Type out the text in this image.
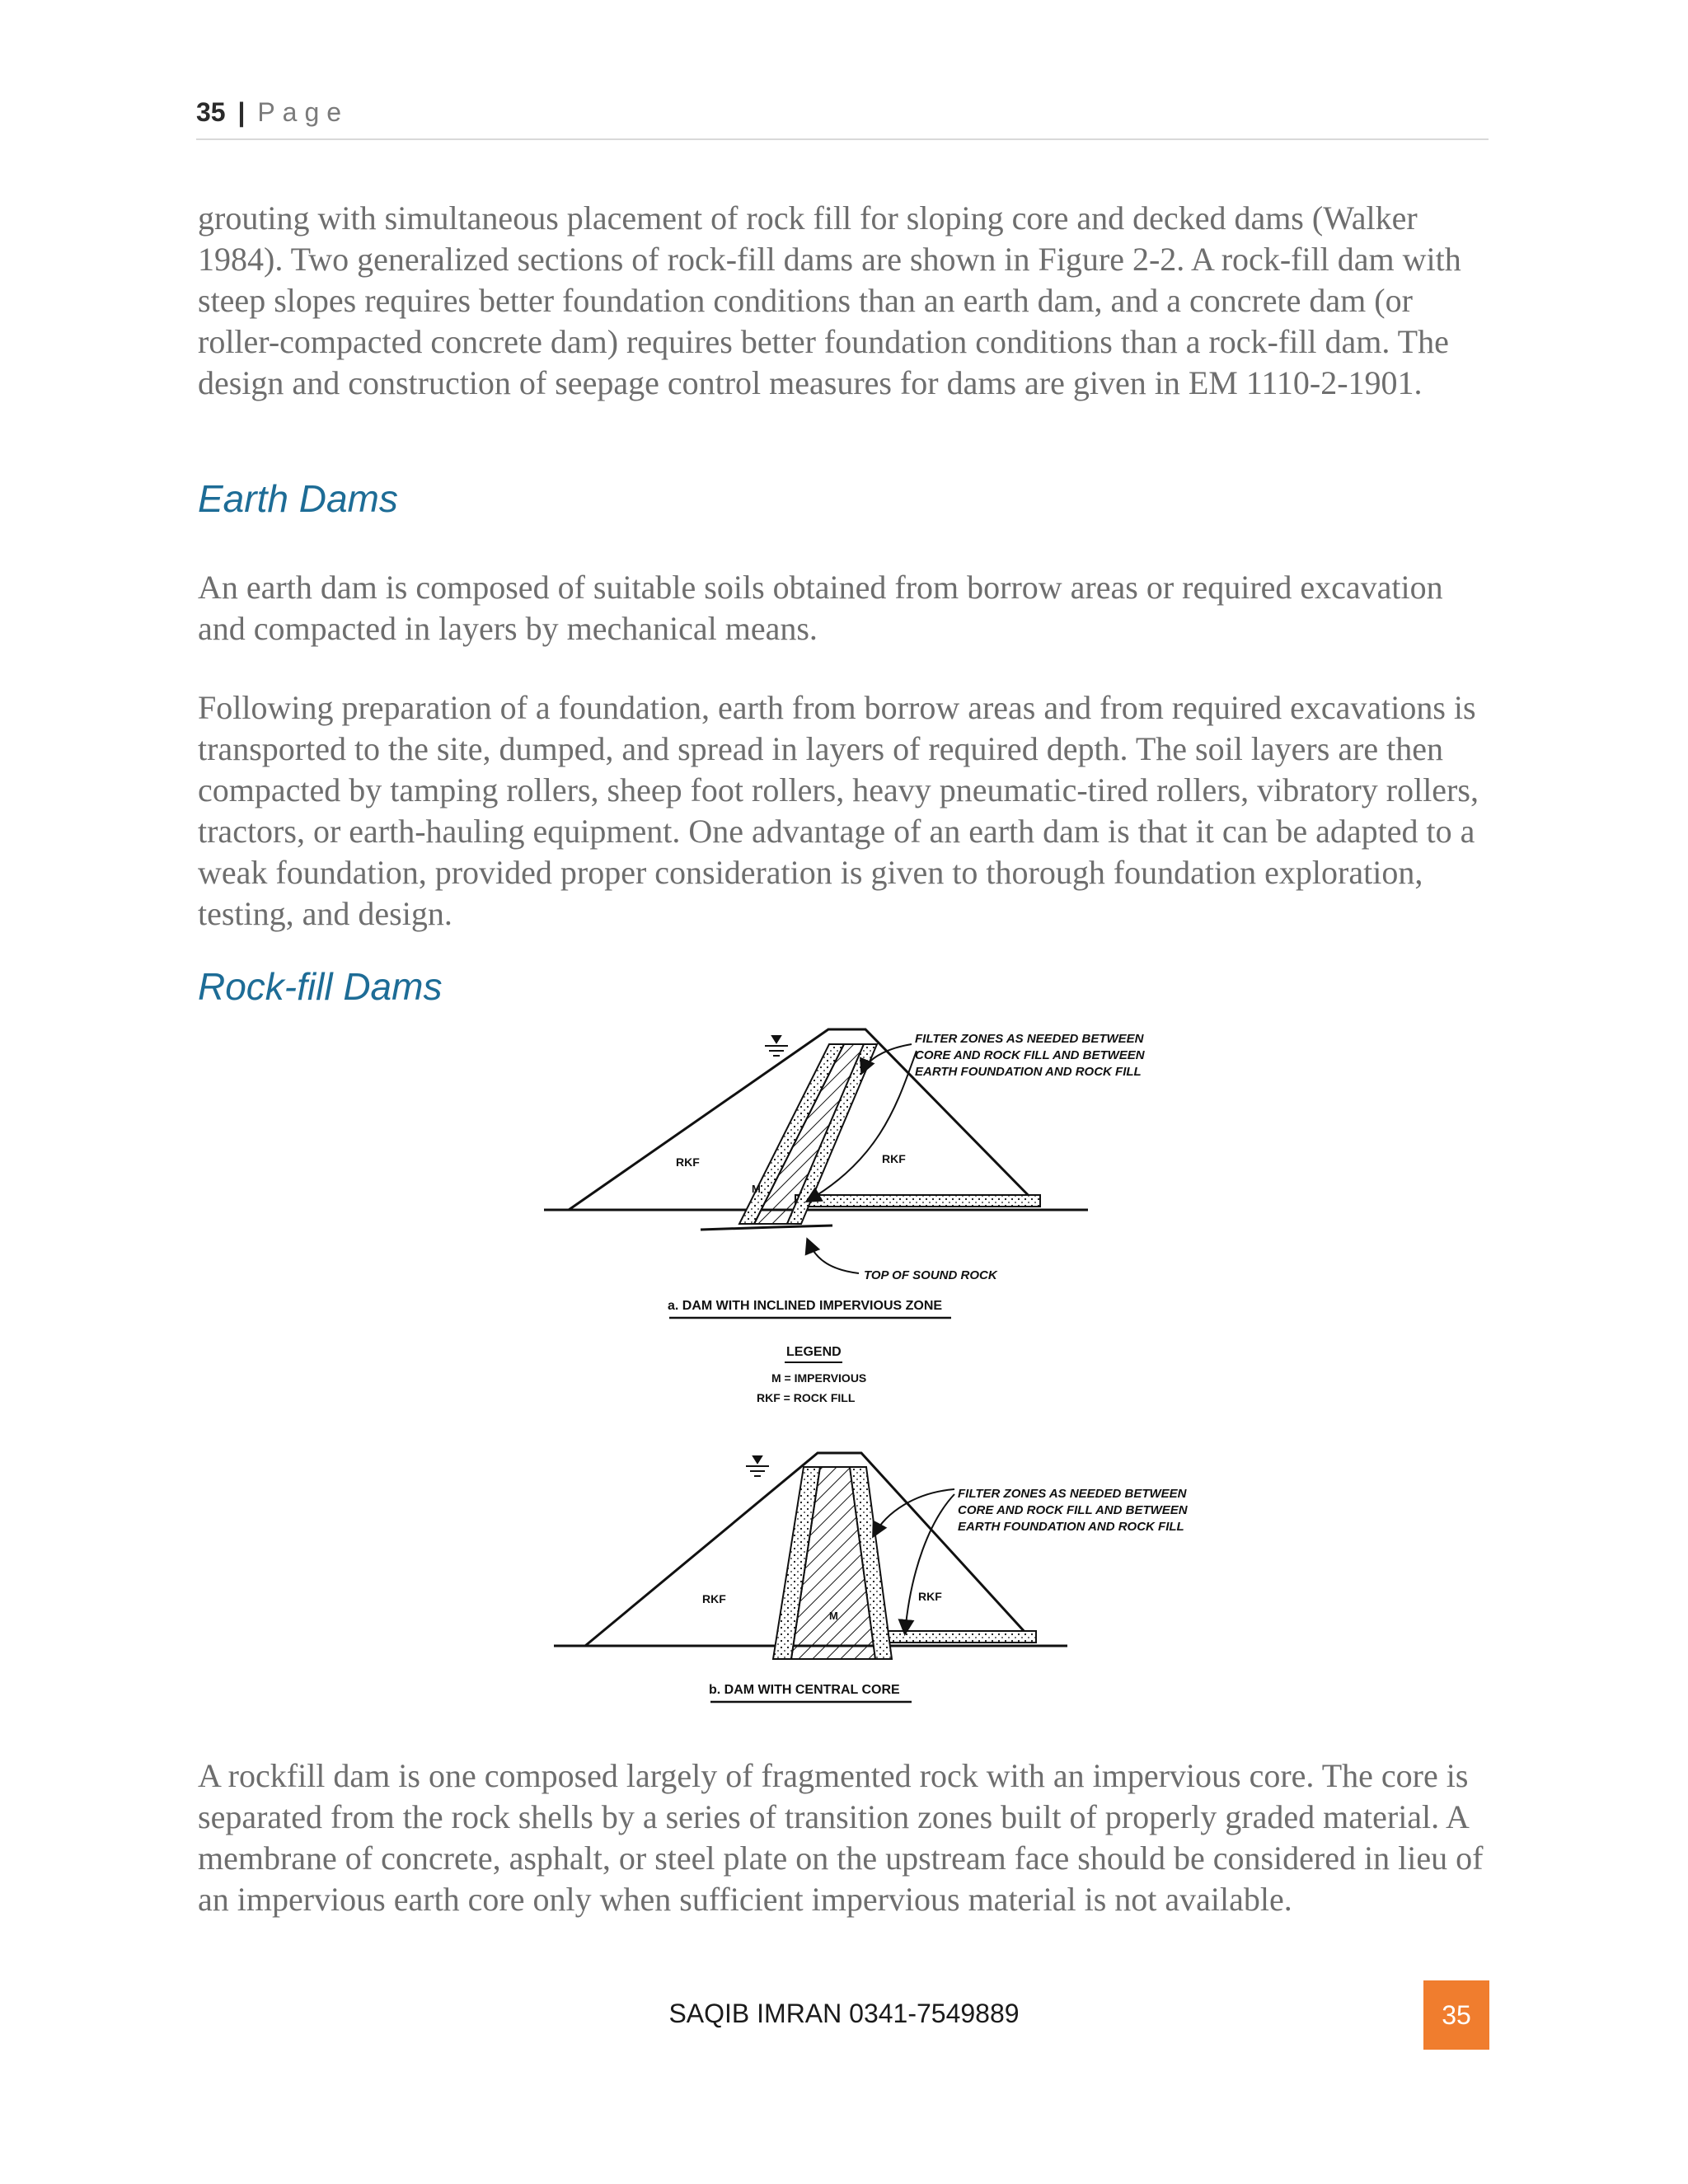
35 | Page

grouting with simultaneous placement of rock fill for sloping core and decked dams (Walker 1984). Two generalized sections of rock-fill dams are shown in Figure 2-2. A rock-fill dam with steep slopes requires better foundation conditions than an earth dam, and a concrete dam (or roller-compacted concrete dam) requires better foundation conditions than a rock-fill dam. The design and construction of seepage control measures for dams are given in EM 1110-2-1901.

Earth Dams

An earth dam is composed of suitable soils obtained from borrow areas or required excavation and compacted in layers by mechanical means.

Following preparation of a foundation, earth from borrow areas and from required excavations is transported to the site, dumped, and spread in layers of required depth. The soil layers are then compacted by tamping rollers, sheep foot rollers, heavy pneumatic-tired rollers, vibratory rollers, tractors, or earth-hauling equipment. One advantage of an earth dam is that it can be adapted to a weak foundation, provided proper consideration is given to thorough foundation exploration, testing, and design.

Rock-fill Dams
FILTER ZONES AS NEEDED BETWEEN
CORE AND ROCK FILL AND BETWEEN
EARTH FOUNDATION AND ROCK FILL
RKF	RKF
M
TOP OF SOUND ROCK
a. DAM WITH INCLINED IMPERVIOUS ZONE
LEGEND
M = IMPERVIOUS
RKF = ROCK FILL
FILTER ZONES AS NEEDED BETWEEN
CORE AND ROCK FILL AND BETWEEN
EARTH FOUNDATION AND ROCK FILL
RKF	RKF
M
b. DAM WITH CENTRAL CORE

A rockfill dam is one composed largely of fragmented rock with an impervious core. The core is separated from the rock shells by a series of transition zones built of properly graded material. A membrane of concrete, asphalt, or steel plate on the upstream face should be considered in lieu of an impervious earth core only when sufficient impervious material is not available.

SAQIB IMRAN 0341-7549889	35
